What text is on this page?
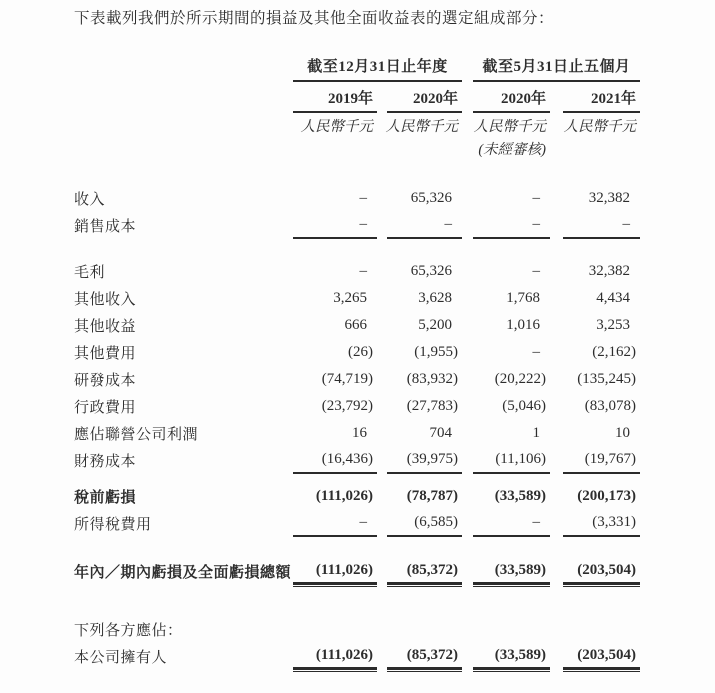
下表載列我們於所示期間的損益及其他全面收益表的選定組成部分：

截至12月31日止年度	截至5月31日止五個月
2019年	2020年	2020年	2021年
人民幣千元 人民幣千元 人民幣千元 人民幣千元
(未經審核)
收入	–	65,326	–	32,382
銷售成本	–	–	–	–
毛利	–	65,326	–	32,382
其他收入	3,265	3,628	1,768	4,434
其他收益	666	5,200	1,016	3,253
其他費用	(26)	(1,955)	–	(2,162)
研發成本	(74,719)	(83,932)	(20,222)	(135,245)
行政費用	(23,792)	(27,783)	(5,046)	(83,078)
應佔聯營公司利潤	16	704	1	10
財務成本	(16,436)	(39,975)	(11,106)	(19,767)
稅前虧損	(111,026)	(78,787)	(33,589)	(200,173)
所得稅費用	–	(6,585)	–	(3,331)
年內／期內虧損及全面虧損總額	(111,026)	(85,372)	(33,589)	(203,504)
下列各方應佔：
本公司擁有人	(111,026)	(85,372)	(33,589)	(203,504)
